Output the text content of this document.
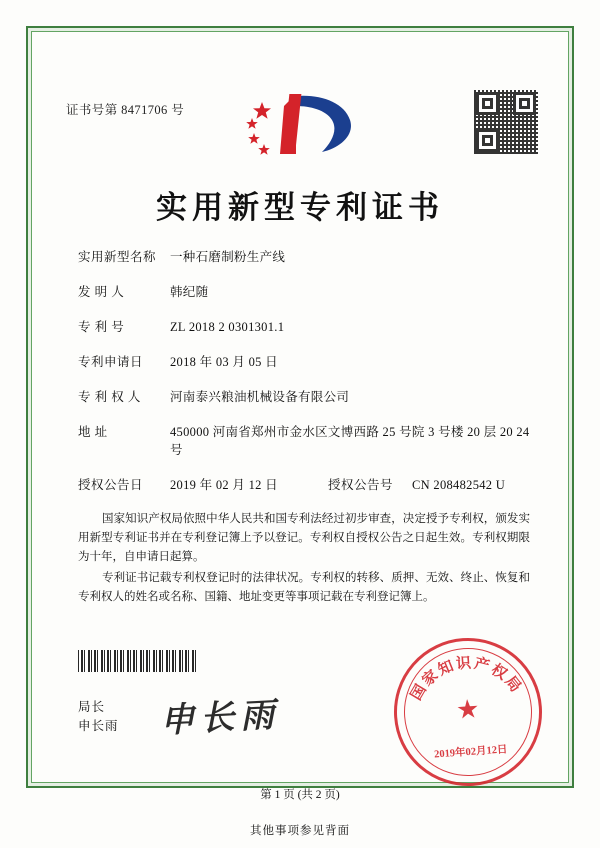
证书号第 8471706 号
实用新型专利证书
实用新型名称	一种石磨制粉生产线
发 明 人	韩纪随
专 利 号	ZL 2018 2 0301301.1
专利申请日	2018 年 03 月 05 日
专 利 权 人	河南泰兴粮油机械设备有限公司
地 址	450000 河南省郑州市金水区文博西路 25 号院 3 号楼 20 层 20 24 号
授权公告日	2019 年 02 月 12 日	授权公告号	CN 208482542 U
国家知识产权局依照中华人民共和国专利法经过初步审查，决定授予专利权，颁发实用新型专利证书并在专利登记簿上予以登记。专利权自授权公告之日起生效。专利权期限为十年，自申请日起算。
专利证书记载专利权登记时的法律状况。专利权的转移、质押、无效、终止、恢复和专利权人的姓名或名称、国籍、地址变更等事项记载在专利登记簿上。
局长
申长雨 申长雨
国家知识产权局
★
2019年02月12日
第 1 页 (共 2 页)
其他事项参见背面
